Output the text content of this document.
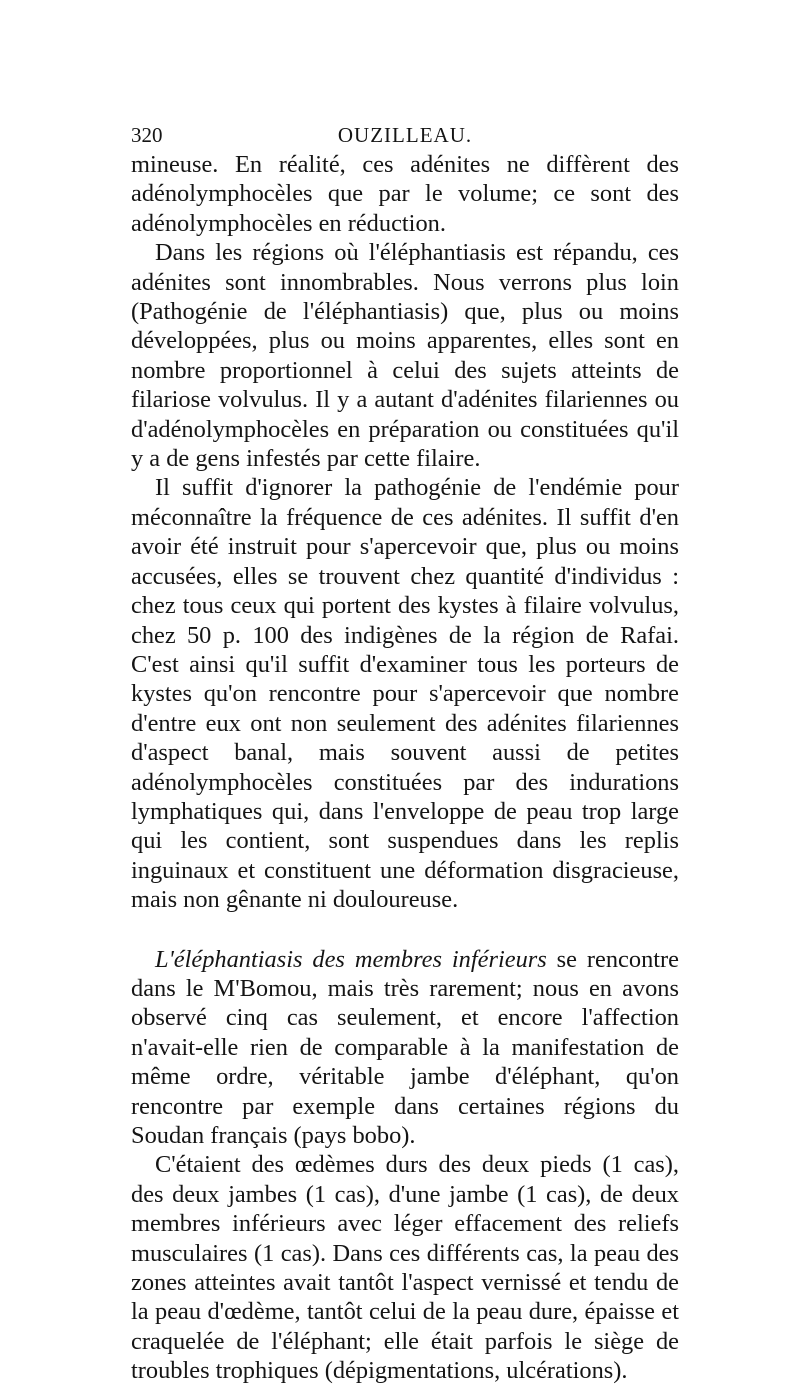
320	OUZILLEAU.

mineuse. En réalité, ces adénites ne diffèrent des adénolymphocèles que par le volume; ce sont des adénolymphocèles en réduction.

Dans les régions où l'éléphantiasis est répandu, ces adénites sont innombrables. Nous verrons plus loin (Pathogénie de l'éléphantiasis) que, plus ou moins développées, plus ou moins apparentes, elles sont en nombre proportionnel à celui des sujets atteints de filariose volvulus. Il y a autant d'adénites filariennes ou d'adénolymphocèles en préparation ou constituées qu'il y a de gens infestés par cette filaire.

Il suffit d'ignorer la pathogénie de l'endémie pour méconnaître la fréquence de ces adénites. Il suffit d'en avoir été instruit pour s'apercevoir que, plus ou moins accusées, elles se trouvent chez quantité d'individus : chez tous ceux qui portent des kystes à filaire volvulus, chez 50 p. 100 des indigènes de la région de Rafai. C'est ainsi qu'il suffit d'examiner tous les porteurs de kystes qu'on rencontre pour s'apercevoir que nombre d'entre eux ont non seulement des adénites filariennes d'aspect banal, mais souvent aussi de petites adénolymphocèles constituées par des indurations lymphatiques qui, dans l'enveloppe de peau trop large qui les contient, sont suspendues dans les replis inguinaux et constituent une déformation disgracieuse, mais non gênante ni douloureuse.

L'éléphantiasis des membres inférieurs se rencontre dans le M'Bomou, mais très rarement; nous en avons observé cinq cas seulement, et encore l'affection n'avait-elle rien de comparable à la manifestation de même ordre, véritable jambe d'éléphant, qu'on rencontre par exemple dans certaines régions du Soudan français (pays bobo).

C'étaient des œdèmes durs des deux pieds (1 cas), des deux jambes (1 cas), d'une jambe (1 cas), de deux membres inférieurs avec léger effacement des reliefs musculaires (1 cas). Dans ces différents cas, la peau des zones atteintes avait tantôt l'aspect vernissé et tendu de la peau d'œdème, tantôt celui de la peau dure, épaisse et craquelée de l'éléphant; elle était parfois le siège de troubles trophiques (dépigmentations, ulcérations).
